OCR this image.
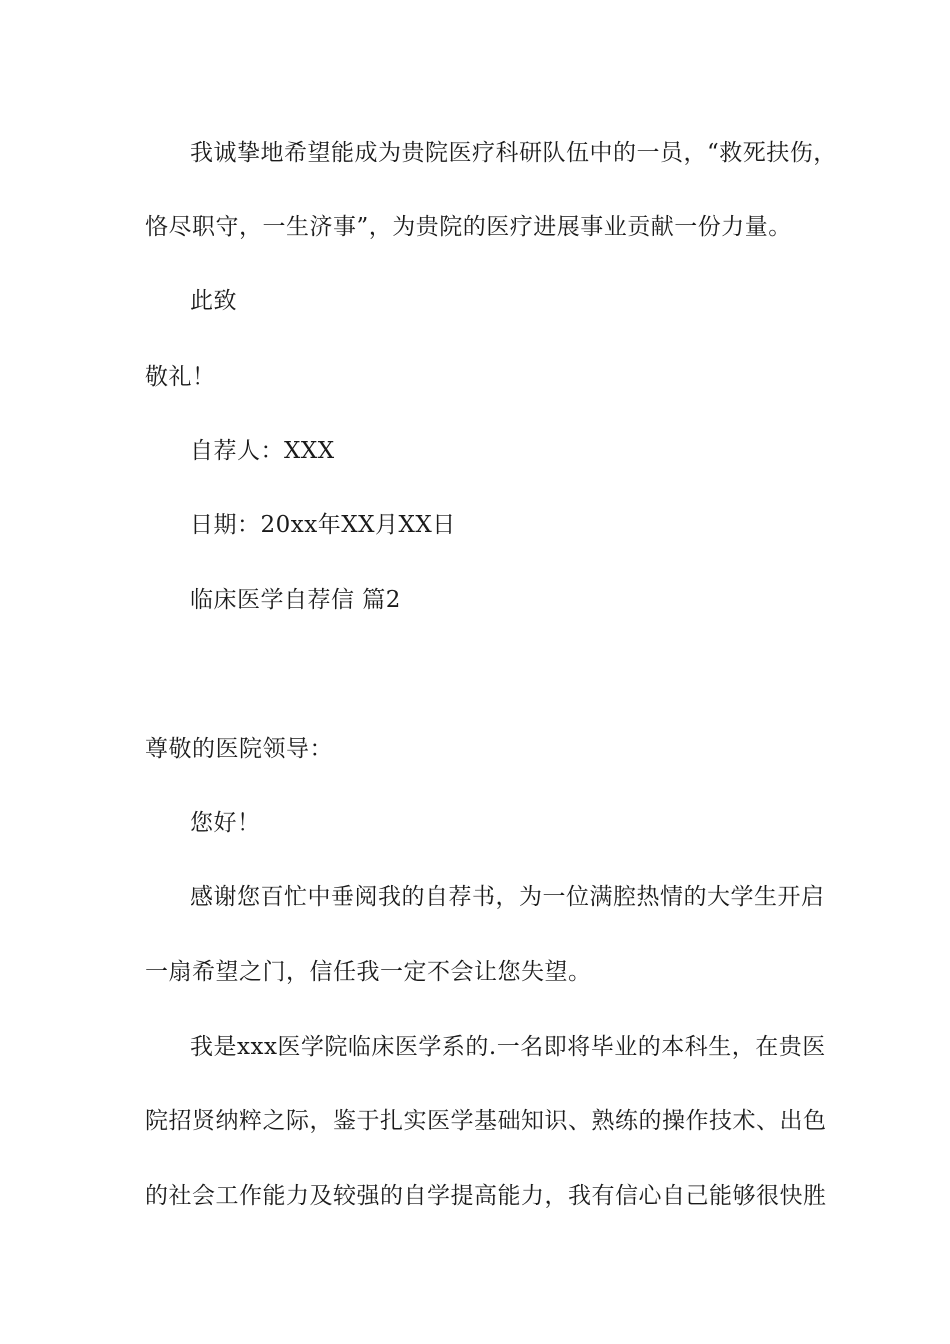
我诚挚地希望能成为贵院医疗科研队伍中的一员，“救死扶伤，
恪尽职守，一生济事”，为贵院的医疗进展事业贡献一份力量。
此致
敬礼！
自荐人：XXX
日期：20xx年XX月XX日
临床医学自荐信 篇2
尊敬的医院领导：
您好！
感谢您百忙中垂阅我的自荐书，为一位满腔热情的大学生开启
一扇希望之门，信任我一定不会让您失望。
我是xxx医学院临床医学系的.一名即将毕业的本科生，在贵医
院招贤纳粹之际，鉴于扎实医学基础知识、熟练的操作技术、出色
的社会工作能力及较强的自学提高能力，我有信心自己能够很快胜
